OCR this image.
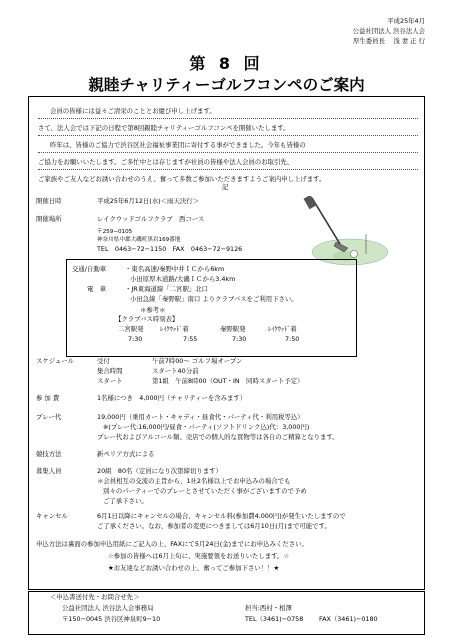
平成25年4月
公益社団法人 渋谷法人会
厚生委員長 　浅 妻 正 行
第 8 回
親睦チャリティーゴルフコンペのご案内
会員の皆様には益々ご清栄のこととお慶び申し上げます。
さて、法人会では下記の日程で第8回親睦チャリティーゴルフコンペを開催いたします。
昨年は、皆様のご協力で渋谷区社会福祉事業団に寄付する事ができました。今年も皆様の
ご協力をお願いいたします。ご多忙中とは存じますが社員の皆様や法人会員のお取引先、
ご家族やご友人などお誘い合わせのうえ、奮って多数ご参加いただきますようご案内申し上げます。
記
開催日時	平成25年6月12日(水)＜雨天決行＞
開催場所	レイクウッドゴルフクラブ　西コース
〒259−0105
神奈川県中郡大磯町黒岩169番地
TEL　0463−72−1150　FAX　0463−72−9126
交通/自動車	・東名高速/秦野中井ＩＣから6km
小田原厚木道路/大磯ＩＣから3.4km
電　車	・JR東海道線「二宮駅」北口
小田急線「秦野駅」南口 よりクラブバスをご利用下さい。
＊参考＊
【クラブバス時刻表】
二宮駅発	ﾚｲｸｳｯﾄﾞ着	秦野駅発	ﾚｲｸｳｯﾄﾞ着
7:30	7:55	7:30	7:50
スケジュール	受付	午前7時00〜 ゴルフ場オープン
集合時間	スタート40分前
スタート	第1組　午前8時00（OUT・IN　同時スタート予定）
参 加 費	1名様につき　4,000円（チャリティーを含みます）
プレー代	19,000円（乗用カート・キャディ・昼食代・パーティ代・利用税等込）
※(プレー代:16,000円/昼食・パーティ(ソフトドリンク込)代：3,000円)
プレー代およびアルコール類、売店での個人的な買物等は各自のご精算となります。
競技方法	新ペリア方式による
募集人員	20組　80名（定員になり次第締切ります）
＊会員相互の交流の主旨から、1社2名様以上でお申込みの場合でも
別々のパーティーでのプレーとさせていただく事がございますので予め
ご了承下さい。
キャンセル	6月1日以降にキャンセルの場合、キャンセル料(参加費4,000円)が発生いたしますので
ご了承ください。なお、参加者の変更につきましては6月10日(月)まで可能です。
申込方法は裏面の参加申込用紙にご記入の上、FAXにて5月24日(金)までにお申込みください。
☆参加の皆様へは6月上旬に、実施要領をお送りいたします。☆
★お友達などお誘い合わせの上、奮ってご参加下さい！！★
＜申込書送付先・お問合せ先＞
公益社団法人 渋谷法人会事務局	担当:西村・相澤
〒150−0045 渋谷区神泉町9−10	TEL（3461)−0758 FAX（3461)−0180
